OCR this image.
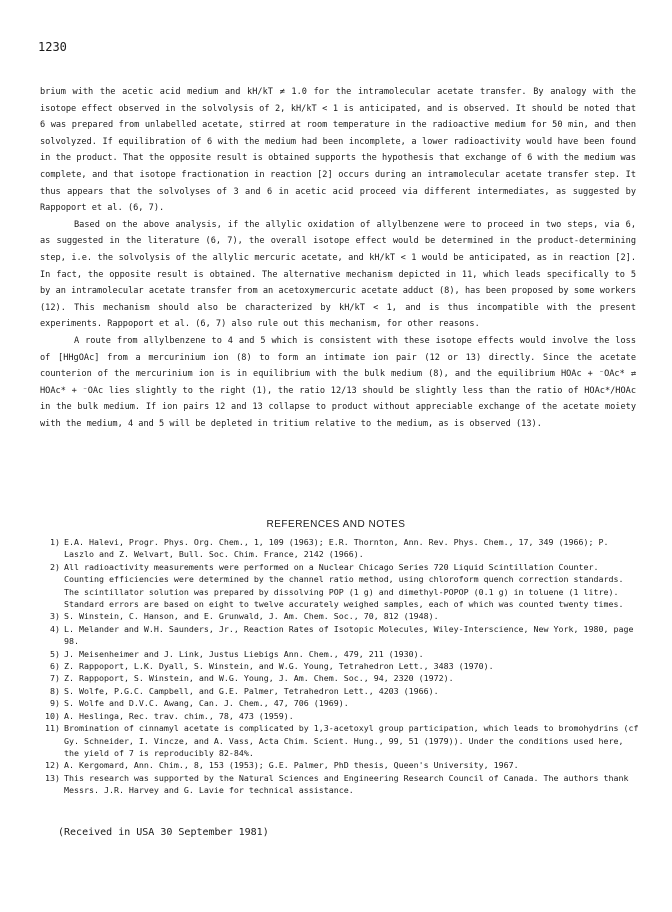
1230

brium with the acetic acid medium and kH/kT ≠ 1.0 for the intramolecular acetate transfer. By analogy with the isotope effect observed in the solvolysis of 2, kH/kT < 1 is anticipated, and is observed. It should be noted that 6 was prepared from unlabelled acetate, stirred at room temperature in the radioactive medium for 50 min, and then solvolyzed. If equilibration of 6 with the medium had been incomplete, a lower radioactivity would have been found in the product. That the opposite result is obtained supports the hypothesis that exchange of 6 with the medium was complete, and that isotope fractionation in reaction [2] occurs during an intramolecular acetate transfer step. It thus appears that the solvolyses of 3 and 6 in acetic acid proceed via different intermediates, as suggested by Rappoport et al. (6, 7).

Based on the above analysis, if the allylic oxidation of allylbenzene were to proceed in two steps, via 6, as suggested in the literature (6, 7), the overall isotope effect would be determined in the product-determining step, i.e. the solvolysis of the allylic mercuric acetate, and kH/kT < 1 would be anticipated, as in reaction [2]. In fact, the opposite result is obtained. The alternative mechanism depicted in 11, which leads specifically to 5 by an intramolecular acetate transfer from an acetoxymercuric acetate adduct (8), has been proposed by some workers (12). This mechanism should also be characterized by kH/kT < 1, and is thus incompatible with the present experiments. Rappoport et al. (6, 7) also rule out this mechanism, for other reasons.

A route from allylbenzene to 4 and 5 which is consistent with these isotope effects would involve the loss of [HHgOAc] from a mercurinium ion (8) to form an intimate ion pair (12 or 13) directly. Since the acetate counterion of the mercurinium ion is in equilibrium with the bulk medium (8), and the equilibrium HOAc + ⁻OAc* ⇄ HOAc* + ⁻OAc lies slightly to the right (1), the ratio 12/13 should be slightly less than the ratio of HOAc*/HOAc in the bulk medium. If ion pairs 12 and 13 collapse to product without appreciable exchange of the acetate moiety with the medium, 4 and 5 will be depleted in tritium relative to the medium, as is observed (13).

REFERENCES AND NOTES
1) E.A. Halevi, Progr. Phys. Org. Chem., 1, 109 (1963); E.R. Thornton, Ann. Rev. Phys. Chem., 17, 349 (1966); P. Laszlo and Z. Welvart, Bull. Soc. Chim. France, 2142 (1966).
2) All radioactivity measurements were performed on a Nuclear Chicago Series 720 Liquid Scintillation Counter. Counting efficiencies were determined by the channel ratio method, using chloroform quench correction standards. The scintillator solution was prepared by dissolving POP (1 g) and dimethyl-POPOP (0.1 g) in toluene (1 litre). Standard errors are based on eight to twelve accurately weighed samples, each of which was counted twenty times.
3) S. Winstein, C. Hanson, and E. Grunwald, J. Am. Chem. Soc., 70, 812 (1948).
4) L. Melander and W.H. Saunders, Jr., Reaction Rates of Isotopic Molecules, Wiley-Interscience, New York, 1980, page 98.
5) J. Meisenheimer and J. Link, Justus Liebigs Ann. Chem., 479, 211 (1930).
6) Z. Rappoport, L.K. Dyall, S. Winstein, and W.G. Young, Tetrahedron Lett., 3483 (1970).
7) Z. Rappoport, S. Winstein, and W.G. Young, J. Am. Chem. Soc., 94, 2320 (1972).
8) S. Wolfe, P.G.C. Campbell, and G.E. Palmer, Tetrahedron Lett., 4203 (1966).
9) S. Wolfe and D.V.C. Awang, Can. J. Chem., 47, 706 (1969).
10) A. Heslinga, Rec. trav. chim., 78, 473 (1959).
11) Bromination of cinnamyl acetate is complicated by 1,3-acetoxyl group participation, which leads to bromohydrins (cf Gy. Schneider, I. Vincze, and A. Vass, Acta Chim. Scient. Hung., 99, 51 (1979)). Under the conditions used here, the yield of 7 is reproducibly 82-84%.
12) A. Kergomard, Ann. Chim., 8, 153 (1953); G.E. Palmer, PhD thesis, Queen's University, 1967.
13) This research was supported by the Natural Sciences and Engineering Research Council of Canada. The authors thank Messrs. J.R. Harvey and G. Lavie for technical assistance.
(Received in USA 30 September 1981)
